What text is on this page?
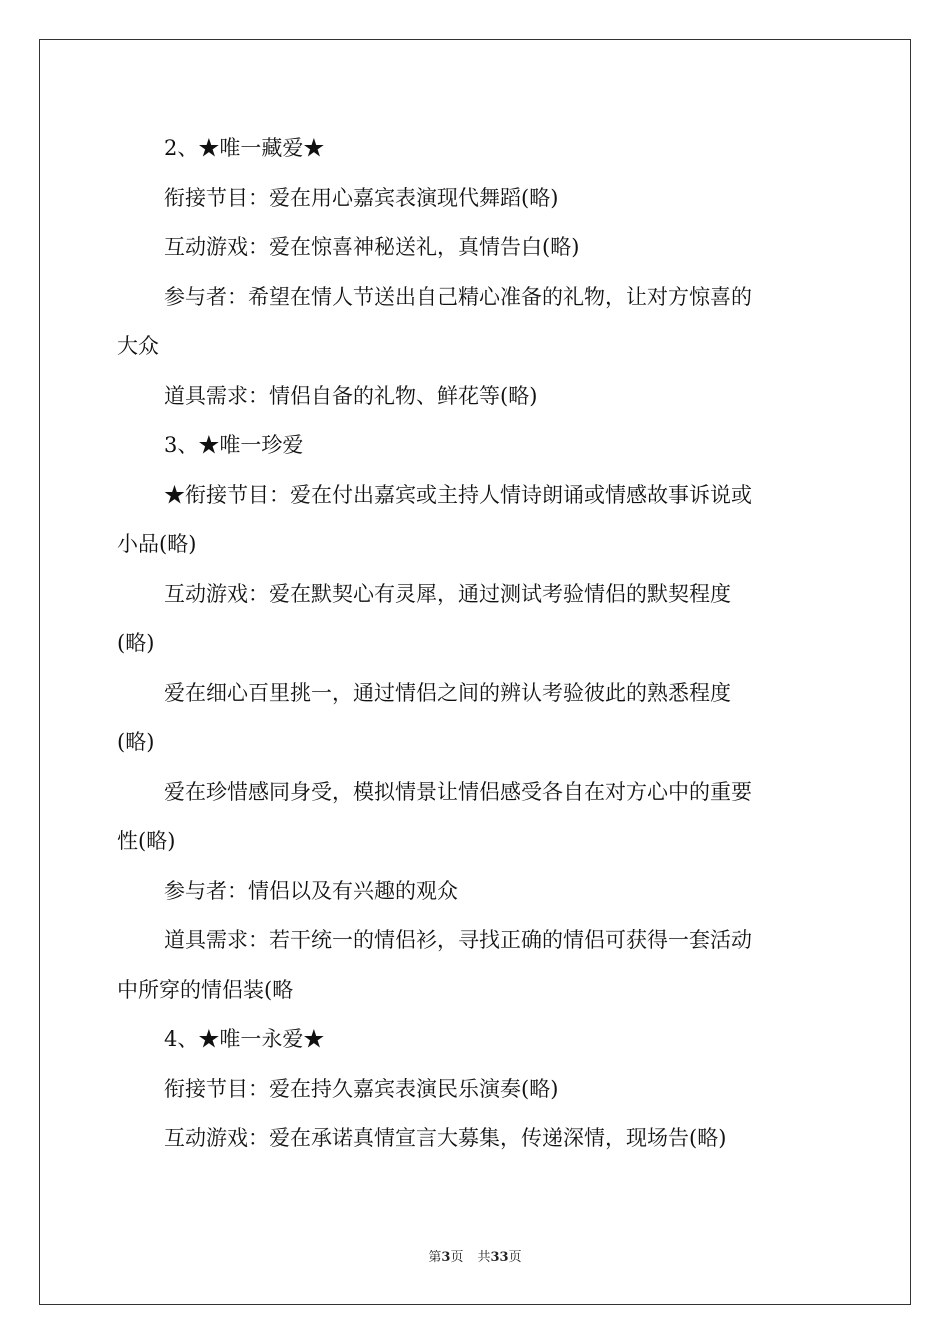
2、★唯一藏爱★
衔接节目：爱在用心嘉宾表演现代舞蹈(略)
互动游戏：爱在惊喜神秘送礼，真情告白(略)
参与者：希望在情人节送出自己精心准备的礼物，让对方惊喜的
大众
道具需求：情侣自备的礼物、鲜花等(略)
3、★唯一珍爱
★衔接节目：爱在付出嘉宾或主持人情诗朗诵或情感故事诉说或
小品(略)
互动游戏：爱在默契心有灵犀，通过测试考验情侣的默契程度
(略)
爱在细心百里挑一，通过情侣之间的辨认考验彼此的熟悉程度
(略)
爱在珍惜感同身受，模拟情景让情侣感受各自在对方心中的重要
性(略)
参与者：情侣以及有兴趣的观众
道具需求：若干统一的情侣衫，寻找正确的情侣可获得一套活动
中所穿的情侣装(略
4、★唯一永爱★
衔接节目：爱在持久嘉宾表演民乐演奏(略)
互动游戏：爱在承诺真情宣言大募集，传递深情，现场告(略)
第3页 共33页
